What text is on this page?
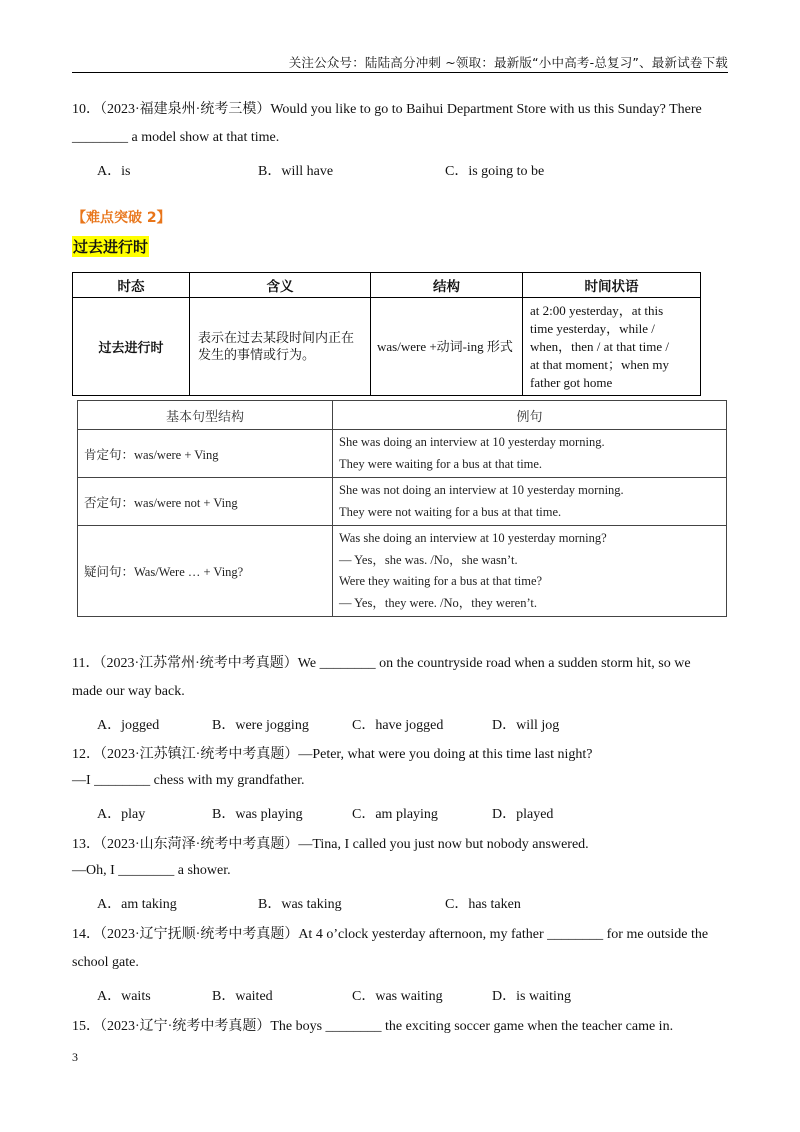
关注公众号：陆陆高分冲刺 ~领取：最新版“小中高考-总复习”、最新试卷下载
10．（2023·福建泉州·统考三模）Would you like to go to Baihui Department Store with us this Sunday? There
________ a model show at that time.
A．is	B．will have	C．is going to be
【难点突破 2】
过去进行时
时态	含义	结构	时间状语
过去进行时	表示在过去某段时间内正在发生的事情或行为。	was/were +动词-ing 形式	at 2:00 yesterday，at this
time yesterday，while /
when，then / at that time /
at that moment；when my
father got home
基本句型结构	例句
肯定句：was/were + Ving	She was doing an interview at 10 yesterday morning.
They were waiting for a bus at that time.

否定句：was/were not + Ving	She was not doing an interview at 10 yesterday morning.
They were not waiting for a bus at that time.

疑问句：Was/Were … + Ving?	Was she doing an interview at 10 yesterday morning?
— Yes，she was. /No，she wasn’t.
Were they waiting for a bus at that time?
— Yes，they were. /No，they weren’t.
11．（2023·江苏常州·统考中考真题）We ________ on the countryside road when a sudden storm hit, so we
made our way back.
A．jogged	B．were jogging	C．have jogged	D．will jog
12．（2023·江苏镇江·统考中考真题）—Peter, what were you doing at this time last night?
—I ________ chess with my grandfather.
A．play	B．was playing	C．am playing	D．played
13．（2023·山东菏泽·统考中考真题）—Tina, I called you just now but nobody answered.
—Oh, I ________ a shower.
A．am taking	B．was taking	C．has taken
14．（2023·辽宁抚顺·统考中考真题）At 4 o’clock yesterday afternoon, my father ________ for me outside the
school gate.
A．waits	B．waited	C．was waiting	D．is waiting
15．（2023·辽宁·统考中考真题）The boys ________ the exciting soccer game when the teacher came in.
3
